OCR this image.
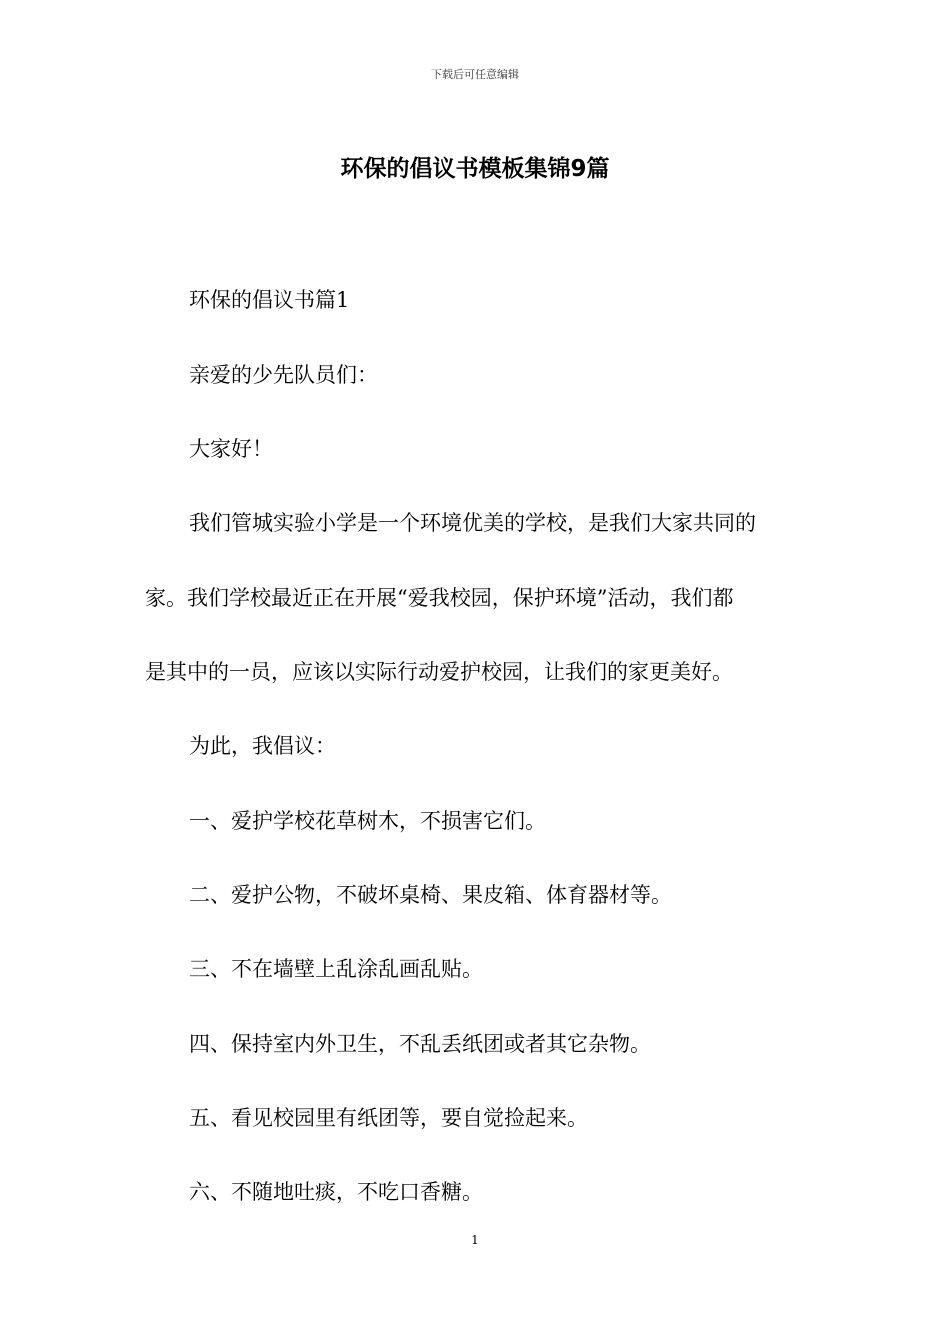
下载后可任意编辑
环保的倡议书模板集锦9篇
环保的倡议书篇1
亲爱的少先队员们：
大家好！
我们管城实验小学是一个环境优美的学校，是我们大家共同的
家。我们学校最近正在开展“爱我校园，保护环境”活动，我们都
是其中的一员，应该以实际行动爱护校园，让我们的家更美好。
为此，我倡议：
一、爱护学校花草树木，不损害它们。
二、爱护公物，不破坏桌椅、果皮箱、体育器材等。
三、不在墙壁上乱涂乱画乱贴。
四、保持室内外卫生，不乱丢纸团或者其它杂物。
五、看见校园里有纸团等，要自觉捡起来。
六、不随地吐痰，不吃口香糖。
1
